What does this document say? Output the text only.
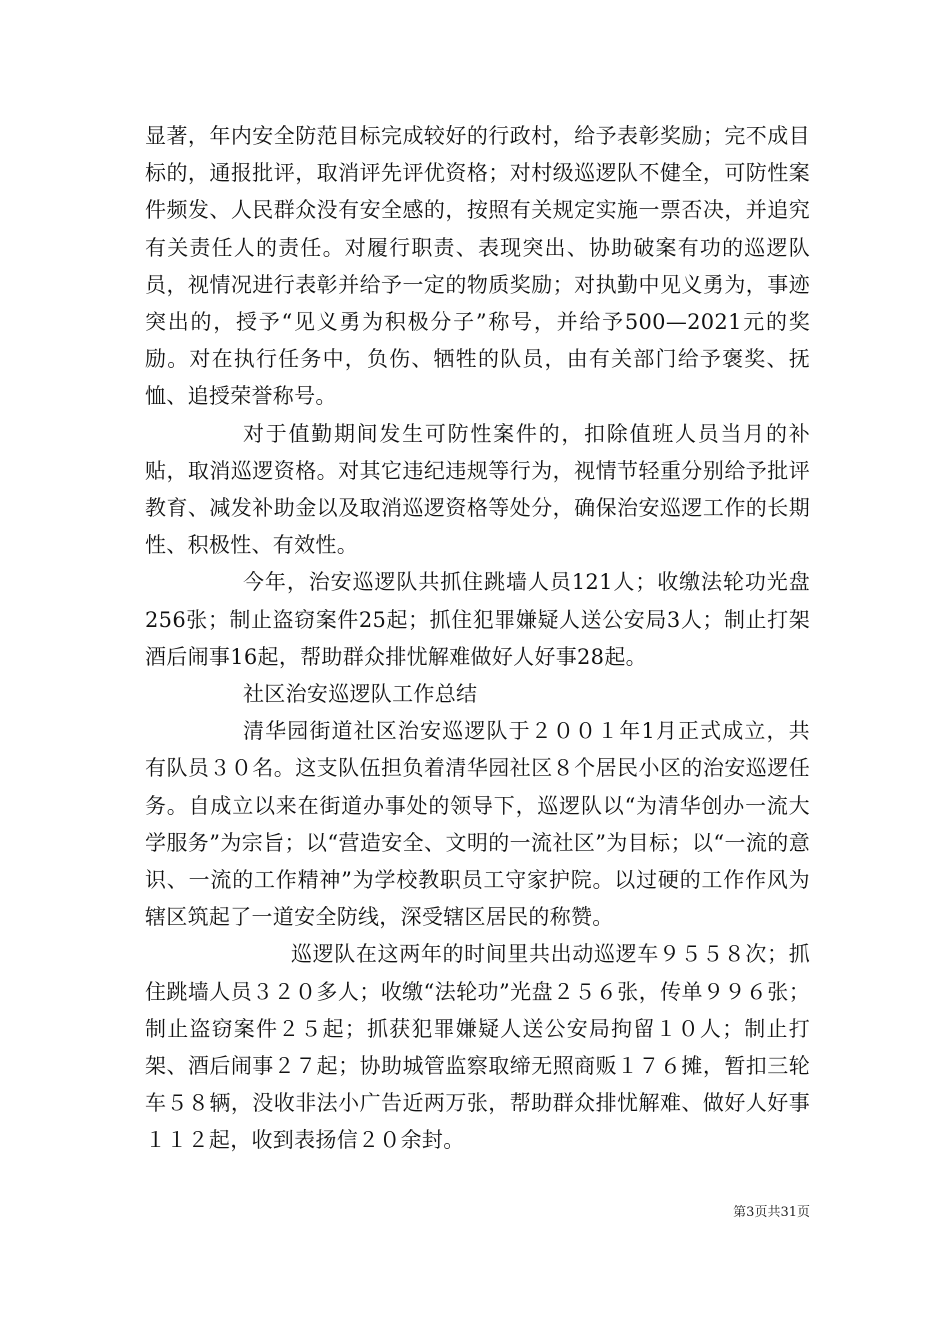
显著，年内安全防范目标完成较好的行政村，给予表彰奖励；完不成目标的，通报批评，取消评先评优资格；对村级巡逻队不健全，可防性案件频发、人民群众没有安全感的，按照有关规定实施一票否决，并追究有关责任人的责任。对履行职责、表现突出、协助破案有功的巡逻队员，视情况进行表彰并给予一定的物质奖励；对执勤中见义勇为，事迹突出的，授予“见义勇为积极分子”称号，并给予500—2021元的奖励。对在执行任务中，负伤、牺牲的队员，由有关部门给予褒奖、抚恤、追授荣誉称号。

对于值勤期间发生可防性案件的，扣除值班人员当月的补贴，取消巡逻资格。对其它违纪违规等行为，视情节轻重分别给予批评教育、减发补助金以及取消巡逻资格等处分，确保治安巡逻工作的长期性、积极性、有效性。

今年，治安巡逻队共抓住跳墙人员121人；收缴法轮功光盘256张；制止盗窃案件25起；抓住犯罪嫌疑人送公安局3人；制止打架酒后闹事16起，帮助群众排忧解难做好人好事28起。

社区治安巡逻队工作总结

清华园街道社区治安巡逻队于２００１年1月正式成立，共有队员３０名。这支队伍担负着清华园社区８个居民小区的治安巡逻任务。自成立以来在街道办事处的领导下，巡逻队以“为清华创办一流大学服务”为宗旨；以“营造安全、文明的一流社区”为目标；以“一流的意识、一流的工作精神”为学校教职员工守家护院。以过硬的工作作风为辖区筑起了一道安全防线，深受辖区居民的称赞。

巡逻队在这两年的时间里共出动巡逻车９５５８次；抓住跳墙人员３２０多人；收缴“法轮功”光盘２５６张，传单９９６张；制止盗窃案件２５起；抓获犯罪嫌疑人送公安局拘留１０人；制止打架、酒后闹事２７起；协助城管监察取缔无照商贩１７６摊，暂扣三轮车５８辆，没收非法小广告近两万张，帮助群众排忧解难、做好人好事１１２起，收到表扬信２０余封。

第3页共31页
